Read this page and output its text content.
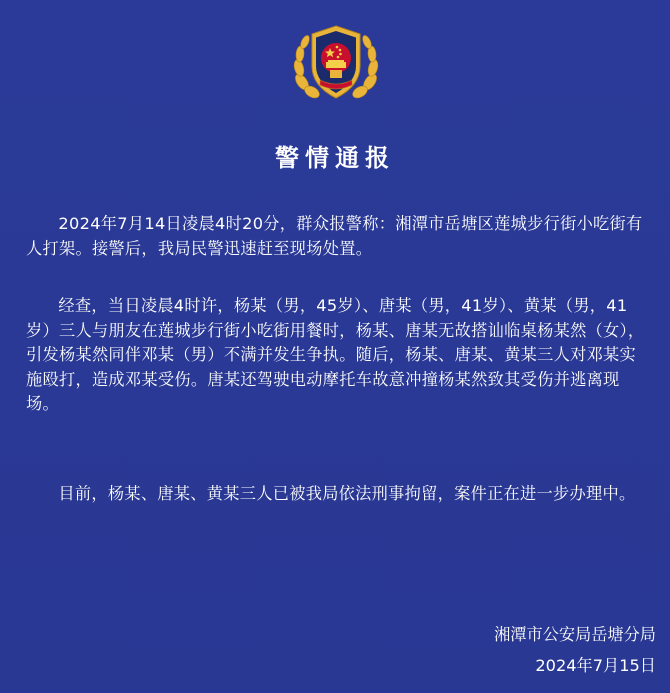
警情通报

2024年7月14日凌晨4时20分，群众报警称：湘潭市岳塘区莲城步行街小吃街有人打架。接警后，我局民警迅速赶至现场处置。

经查，当日凌晨4时许，杨某（男，45岁）、唐某（男，41岁）、黄某（男，41岁）三人与朋友在莲城步行街小吃街用餐时，杨某、唐某无故搭讪临桌杨某然（女），引发杨某然同伴邓某（男）不满并发生争执。随后，杨某、唐某、黄某三人对邓某实施殴打，造成邓某受伤。唐某还驾驶电动摩托车故意冲撞杨某然致其受伤并逃离现场。

目前，杨某、唐某、黄某三人已被我局依法刑事拘留，案件正在进一步办理中。

湘潭市公安局岳塘分局
2024年7月15日
